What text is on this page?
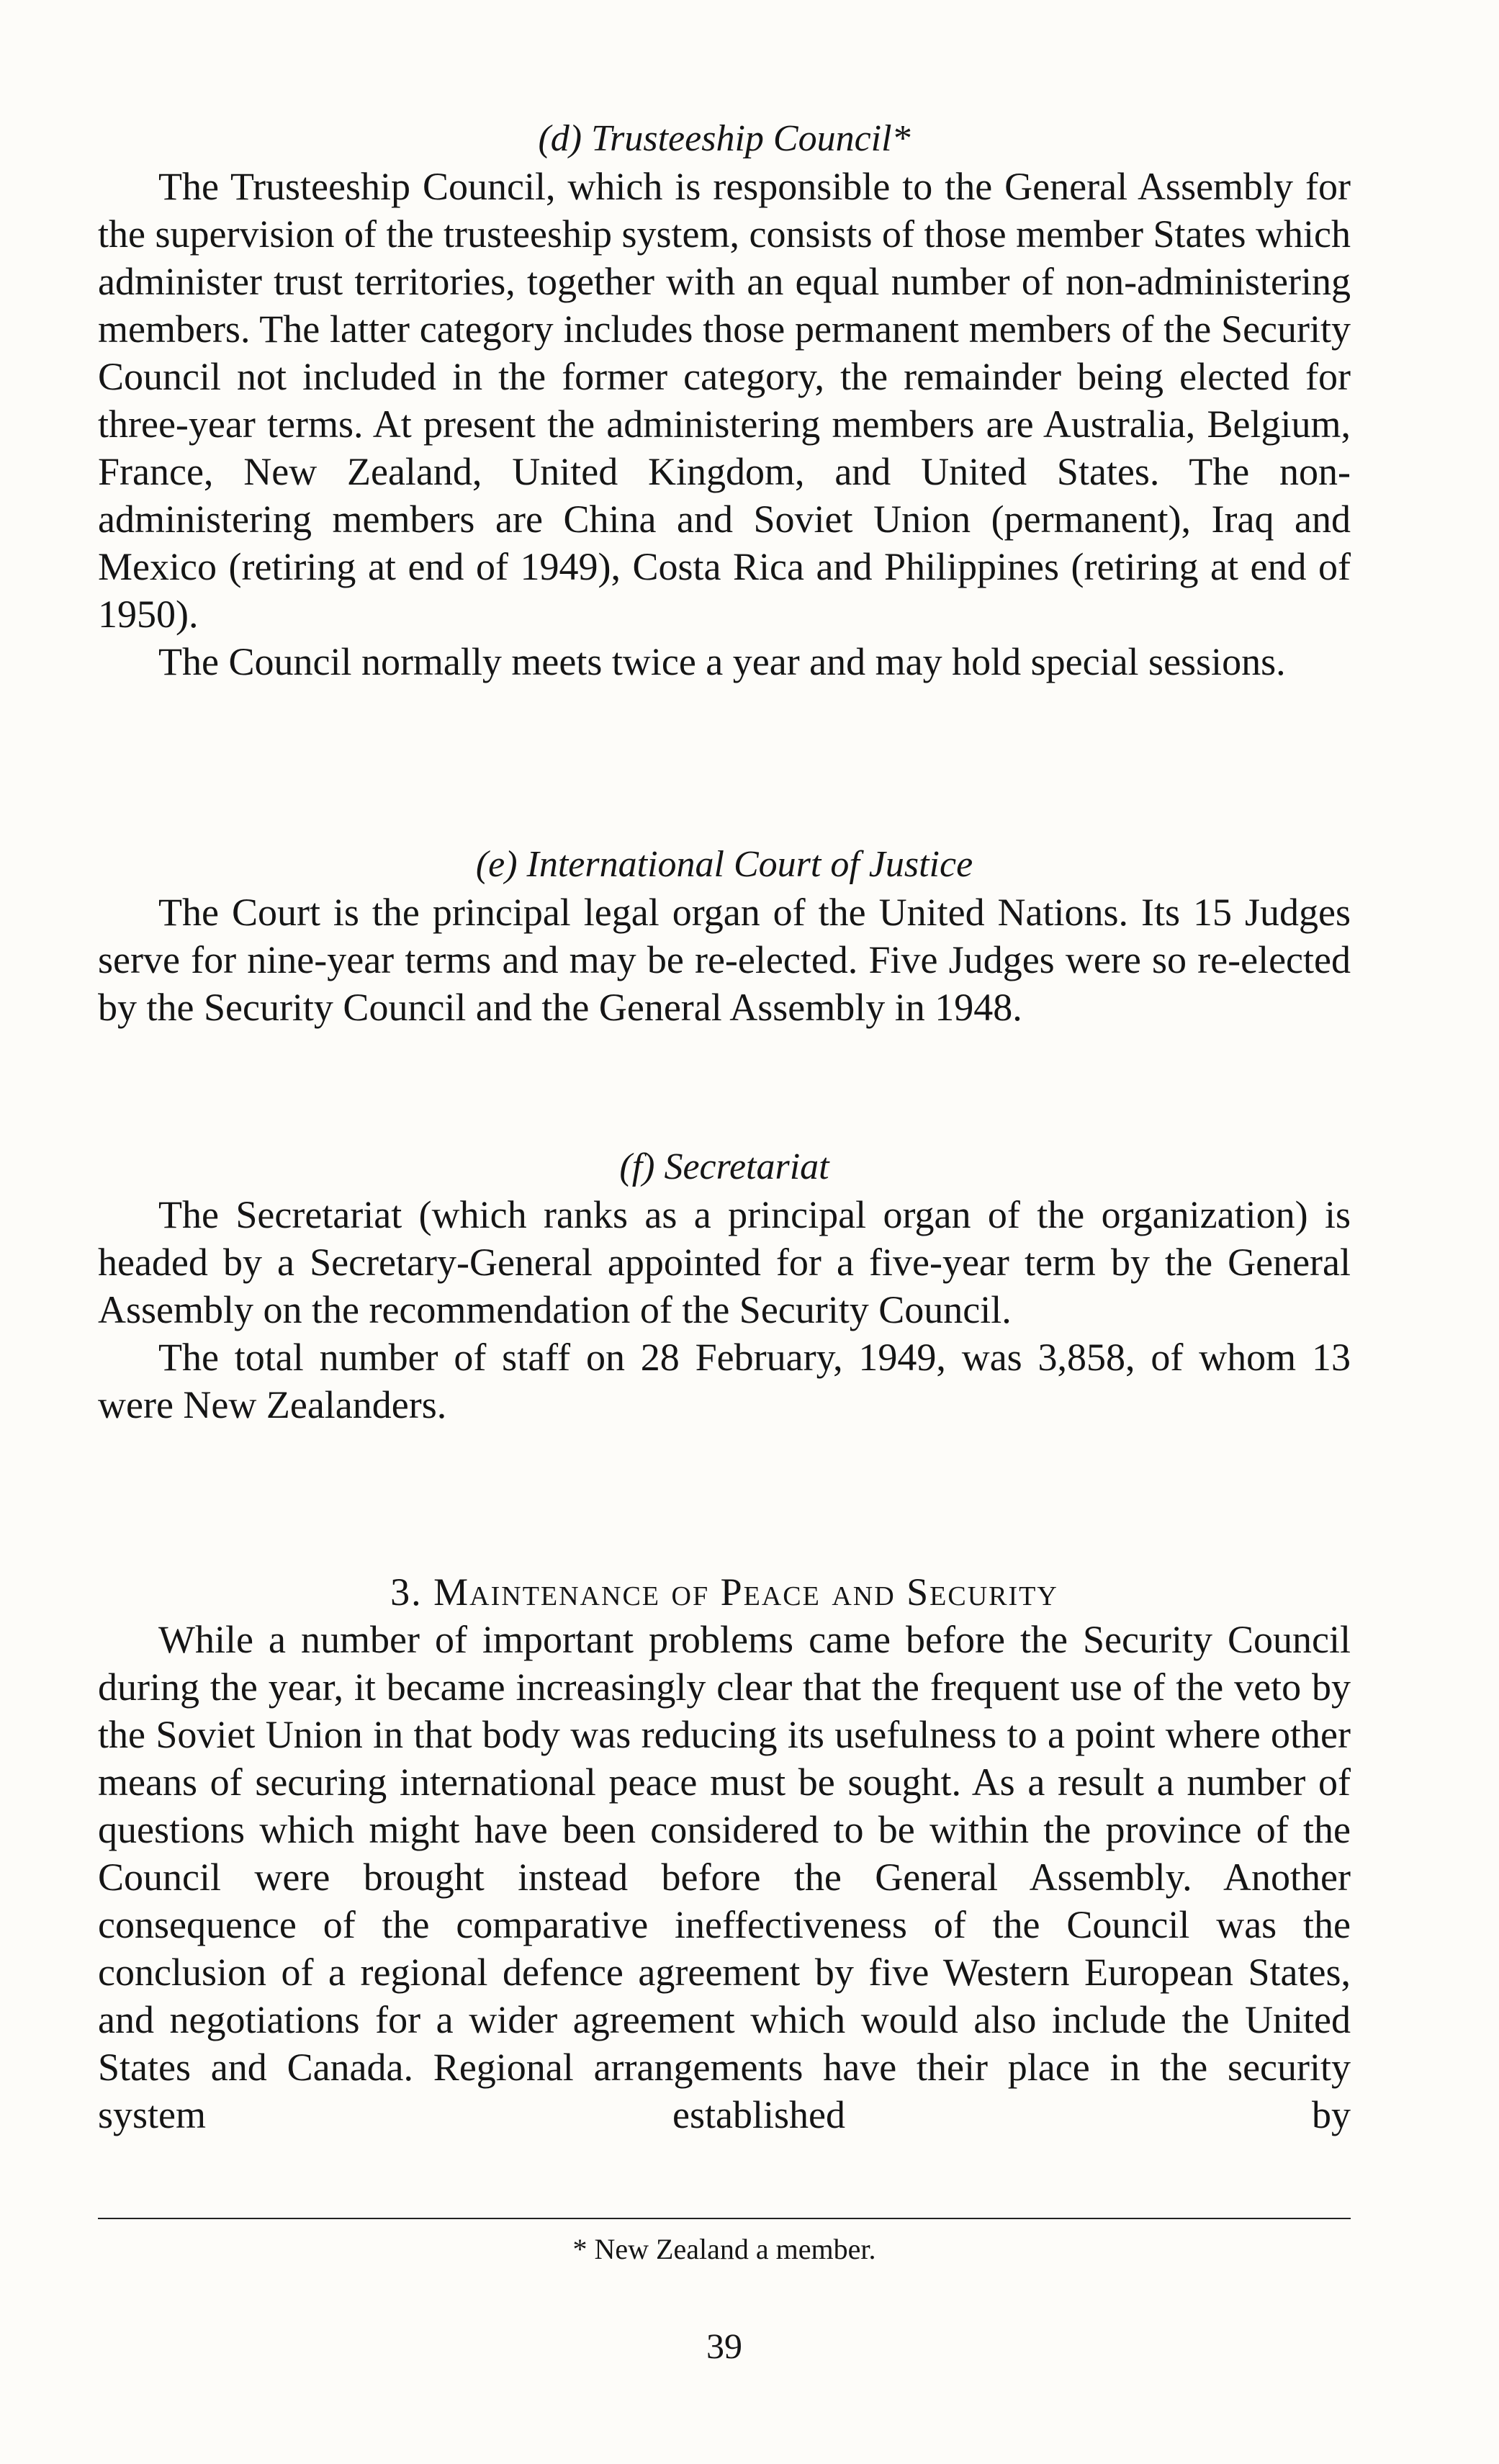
(d) Trusteeship Council*

The Trusteeship Council, which is responsible to the General Assembly for the supervision of the trusteeship system, consists of those member States which administer trust territories, together with an equal number of non-administering members. The latter category includes those permanent members of the Security Council not included in the former category, the remainder being elected for three-year terms. At present the administering members are Australia, Belgium, France, New Zealand, United Kingdom, and United States. The non-administering members are China and Soviet Union (permanent), Iraq and Mexico (retiring at end of 1949), Costa Rica and Philippines (retiring at end of 1950).

The Council normally meets twice a year and may hold special sessions.

(e) International Court of Justice

The Court is the principal legal organ of the United Nations. Its 15 Judges serve for nine-year terms and may be re-elected. Five Judges were so re-elected by the Security Council and the General Assembly in 1948.

(f) Secretariat

The Secretariat (which ranks as a principal organ of the organization) is headed by a Secretary-General appointed for a five-year term by the General Assembly on the recommendation of the Security Council.

The total number of staff on 28 February, 1949, was 3,858, of whom 13 were New Zealanders.

3. Maintenance of Peace and Security

While a number of important problems came before the Security Council during the year, it became increasingly clear that the frequent use of the veto by the Soviet Union in that body was reducing its usefulness to a point where other means of securing international peace must be sought. As a result a number of questions which might have been considered to be within the province of the Council were brought instead before the General Assembly. Another consequence of the comparative ineffectiveness of the Council was the conclusion of a regional defence agreement by five Western European States, and negotiations for a wider agreement which would also include the United States and Canada. Regional arrangements have their place in the security system established by

* New Zealand a member.
39
